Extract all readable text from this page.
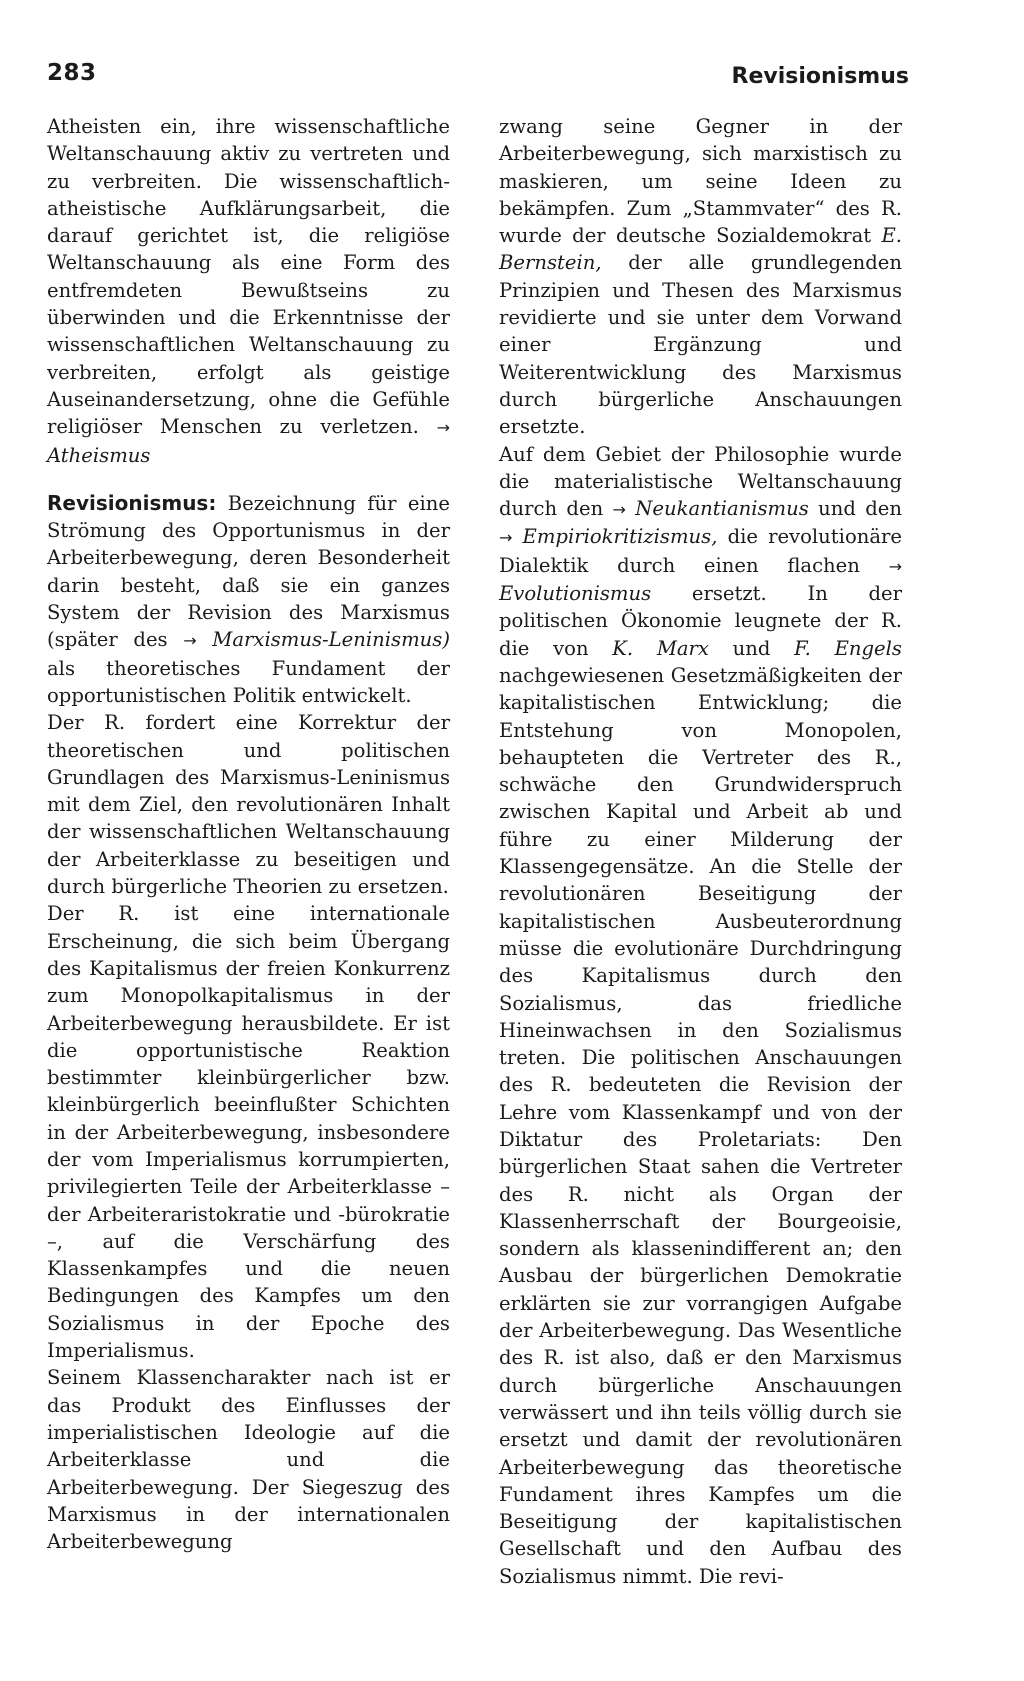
283	Revisionismus

Atheisten ein, ihre wissenschaftliche Weltanschauung aktiv zu vertreten und zu verbreiten. Die wissenschaftlich-atheistische Aufklärungsarbeit, die darauf gerichtet ist, die religiöse Weltanschauung als eine Form des entfremdeten Bewußtseins zu überwinden und die Erkenntnisse der wissenschaftlichen Weltanschauung zu verbreiten, erfolgt als geistige Auseinandersetzung, ohne die Gefühle religiöser Menschen zu verletzen. → Atheismus

Revisionismus: Bezeichnung für eine Strömung des Opportunismus in der Arbeiterbewegung, deren Besonderheit darin besteht, daß sie ein ganzes System der Revision des Marxismus (später des → Marxismus-Leninismus) als theoretisches Fundament der opportunistischen Politik entwickelt.

Der R. fordert eine Korrektur der theoretischen und politischen Grundlagen des Marxismus-Leninismus mit dem Ziel, den revolutionären Inhalt der wissenschaftlichen Weltanschauung der Arbeiterklasse zu beseitigen und durch bürgerliche Theorien zu ersetzen.

Der R. ist eine internationale Erscheinung, die sich beim Übergang des Kapitalismus der freien Konkurrenz zum Monopolkapitalismus in der Arbeiterbewegung herausbildete. Er ist die opportunistische Reaktion bestimmter kleinbürgerlicher bzw. kleinbürgerlich beeinflußter Schichten in der Arbeiterbewegung, insbesondere der vom Imperialismus korrumpierten, privilegierten Teile der Arbeiterklasse – der Arbeiteraristokratie und -bürokratie –, auf die Verschärfung des Klassenkampfes und die neuen Bedingungen des Kampfes um den Sozialismus in der Epoche des Imperialismus.

Seinem Klassencharakter nach ist er das Produkt des Einflusses der imperialistischen Ideologie auf die Arbeiterklasse und die Arbeiterbewegung. Der Siegeszug des Marxismus in der internationalen Arbeiterbewegung

zwang seine Gegner in der Arbeiterbewegung, sich marxistisch zu maskieren, um seine Ideen zu bekämpfen. Zum „Stammvater“ des R. wurde der deutsche Sozialdemokrat E. Bernstein, der alle grundlegenden Prinzipien und Thesen des Marxismus revidierte und sie unter dem Vorwand einer Ergänzung und Weiterentwicklung des Marxismus durch bürgerliche Anschauungen ersetzte.

Auf dem Gebiet der Philosophie wurde die materialistische Weltanschauung durch den → Neukantianismus und den → Empiriokritizismus, die revolutionäre Dialektik durch einen flachen → Evolutionismus ersetzt. In der politischen Ökonomie leugnete der R. die von K. Marx und F. Engels nachgewiesenen Gesetzmäßigkeiten der kapitalistischen Entwicklung; die Entstehung von Monopolen, behaupteten die Vertreter des R., schwäche den Grundwiderspruch zwischen Kapital und Arbeit ab und führe zu einer Milderung der Klassengegensätze. An die Stelle der revolutionären Beseitigung der kapitalistischen Ausbeuterordnung müsse die evolutionäre Durchdringung des Kapitalismus durch den Sozialismus, das friedliche Hineinwachsen in den Sozialismus treten. Die politischen Anschauungen des R. bedeuteten die Revision der Lehre vom Klassenkampf und von der Diktatur des Proletariats: Den bürgerlichen Staat sahen die Vertreter des R. nicht als Organ der Klassenherrschaft der Bourgeoisie, sondern als klassenindifferent an; den Ausbau der bürgerlichen Demokratie erklärten sie zur vorrangigen Aufgabe der Arbeiterbewegung. Das Wesentliche des R. ist also, daß er den Marxismus durch bürgerliche Anschauungen verwässert und ihn teils völlig durch sie ersetzt und damit der revolutionären Arbeiterbewegung das theoretische Fundament ihres Kampfes um die Beseitigung der kapitalistischen Gesellschaft und den Aufbau des Sozialismus nimmt. Die revi-
